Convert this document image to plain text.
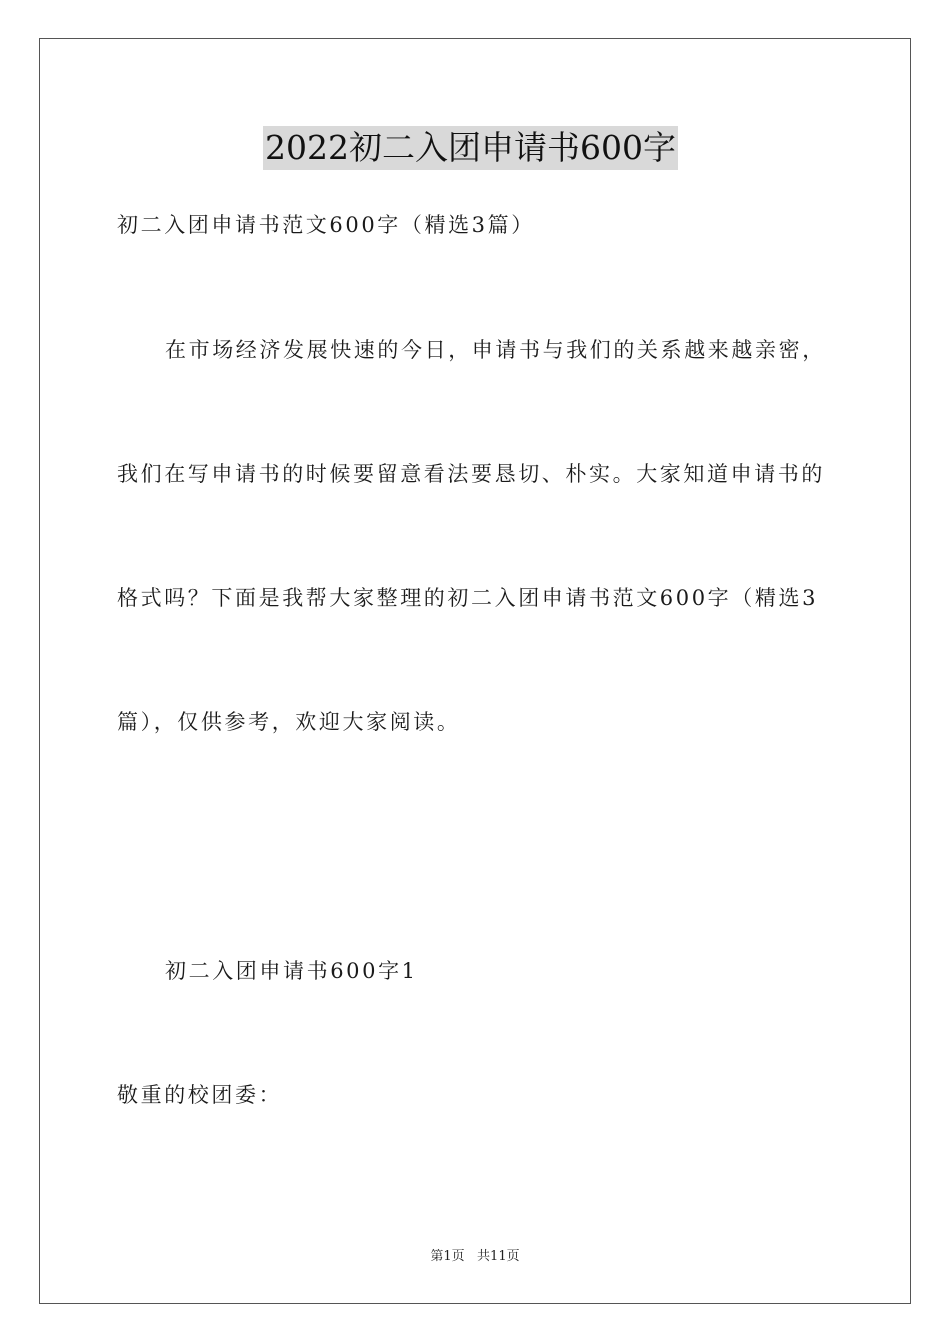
2022初二入团申请书600字
初二入团申请书范文600字（精选3篇）
在市场经济发展快速的今日，申请书与我们的关系越来越亲密，
我们在写申请书的时候要留意看法要恳切、朴实。大家知道申请书的
格式吗？下面是我帮大家整理的初二入团申请书范文600字（精选3
篇），仅供参考，欢迎大家阅读。
初二入团申请书600字1
敬重的校团委：
第1页   共11页
